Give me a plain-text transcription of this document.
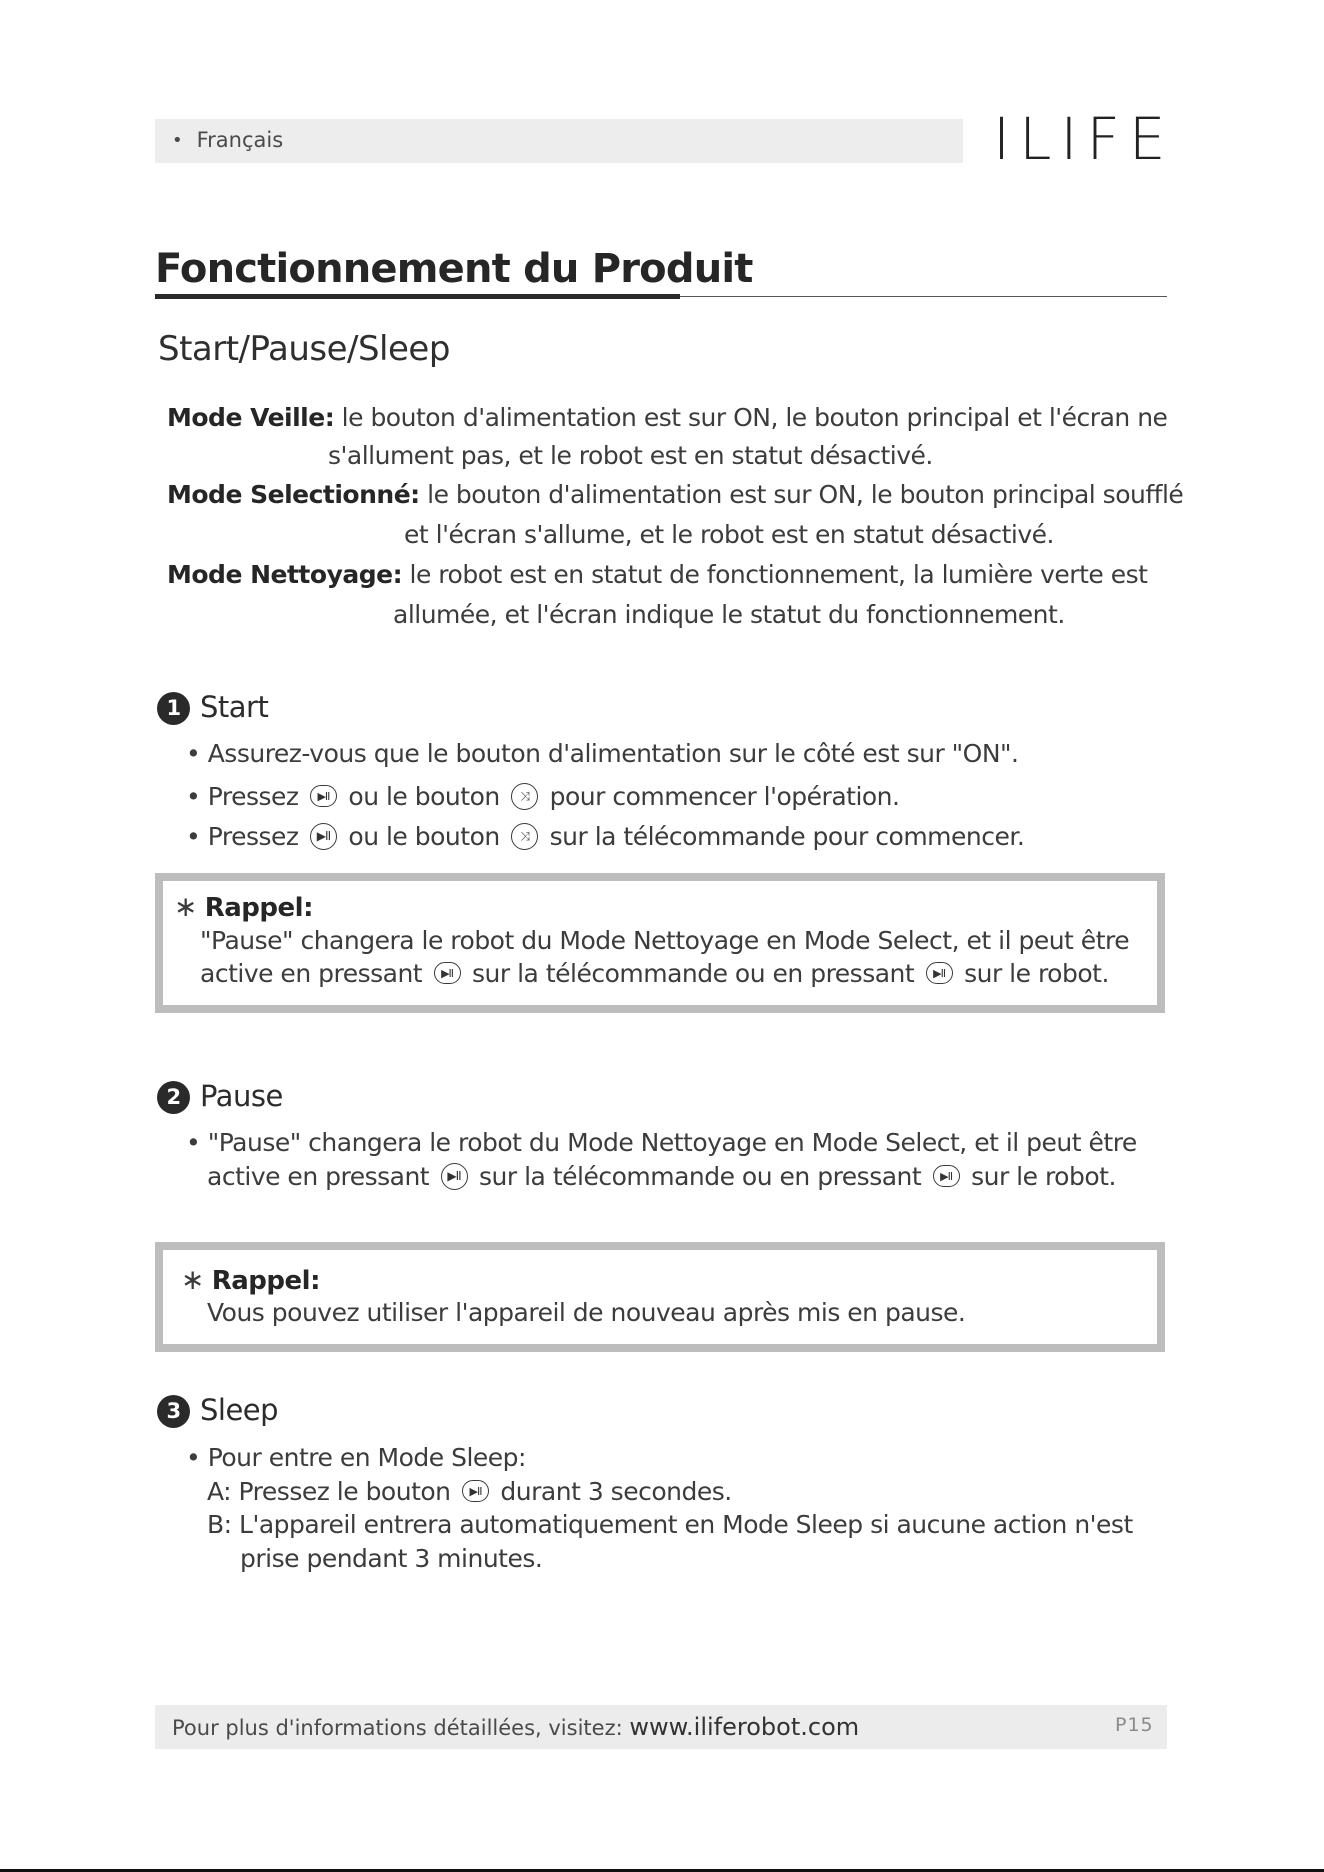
• Français	ILIFE
Fonctionnement du Produit
Start/Pause/Sleep
Mode Veille: le bouton d'alimentation est sur ON, le bouton principal et l'écran ne
s'allument pas, et le robot est en statut désactivé.
Mode Selectionné: le bouton d'alimentation est sur ON, le bouton principal soufflé
et l'écran s'allume, et le robot est en statut désactivé.
Mode Nettoyage: le robot est en statut de fonctionnement, la lumière verte est
allumée, et l'écran indique le statut du fonctionnement.
1 Start
• Assurez-vous que le bouton d'alimentation sur le côté est sur "ON".
• Pressez ▶II ou le bouton ⤨ pour commencer l'opération.
• Pressez ▶II ou le bouton ⤨ sur la télécommande pour commencer.
∗ Rappel:
"Pause" changera le robot du Mode Nettoyage en Mode Select, et il peut être
active en pressant ▶II sur la télécommande ou en pressant ▶II sur le robot.
2 Pause
• "Pause" changera le robot du Mode Nettoyage en Mode Select, et il peut être
active en pressant ▶II sur la télécommande ou en pressant ▶II sur le robot.
∗ Rappel:
Vous pouvez utiliser l'appareil de nouveau après mis en pause.
3 Sleep
• Pour entre en Mode Sleep:
A: Pressez le bouton ▶II durant 3 secondes.
B: L'appareil entrera automatiquement en Mode Sleep si aucune action n'est
prise pendant 3 minutes.
Pour plus d'informations détaillées, visitez: www.iliferobot.com	P15
